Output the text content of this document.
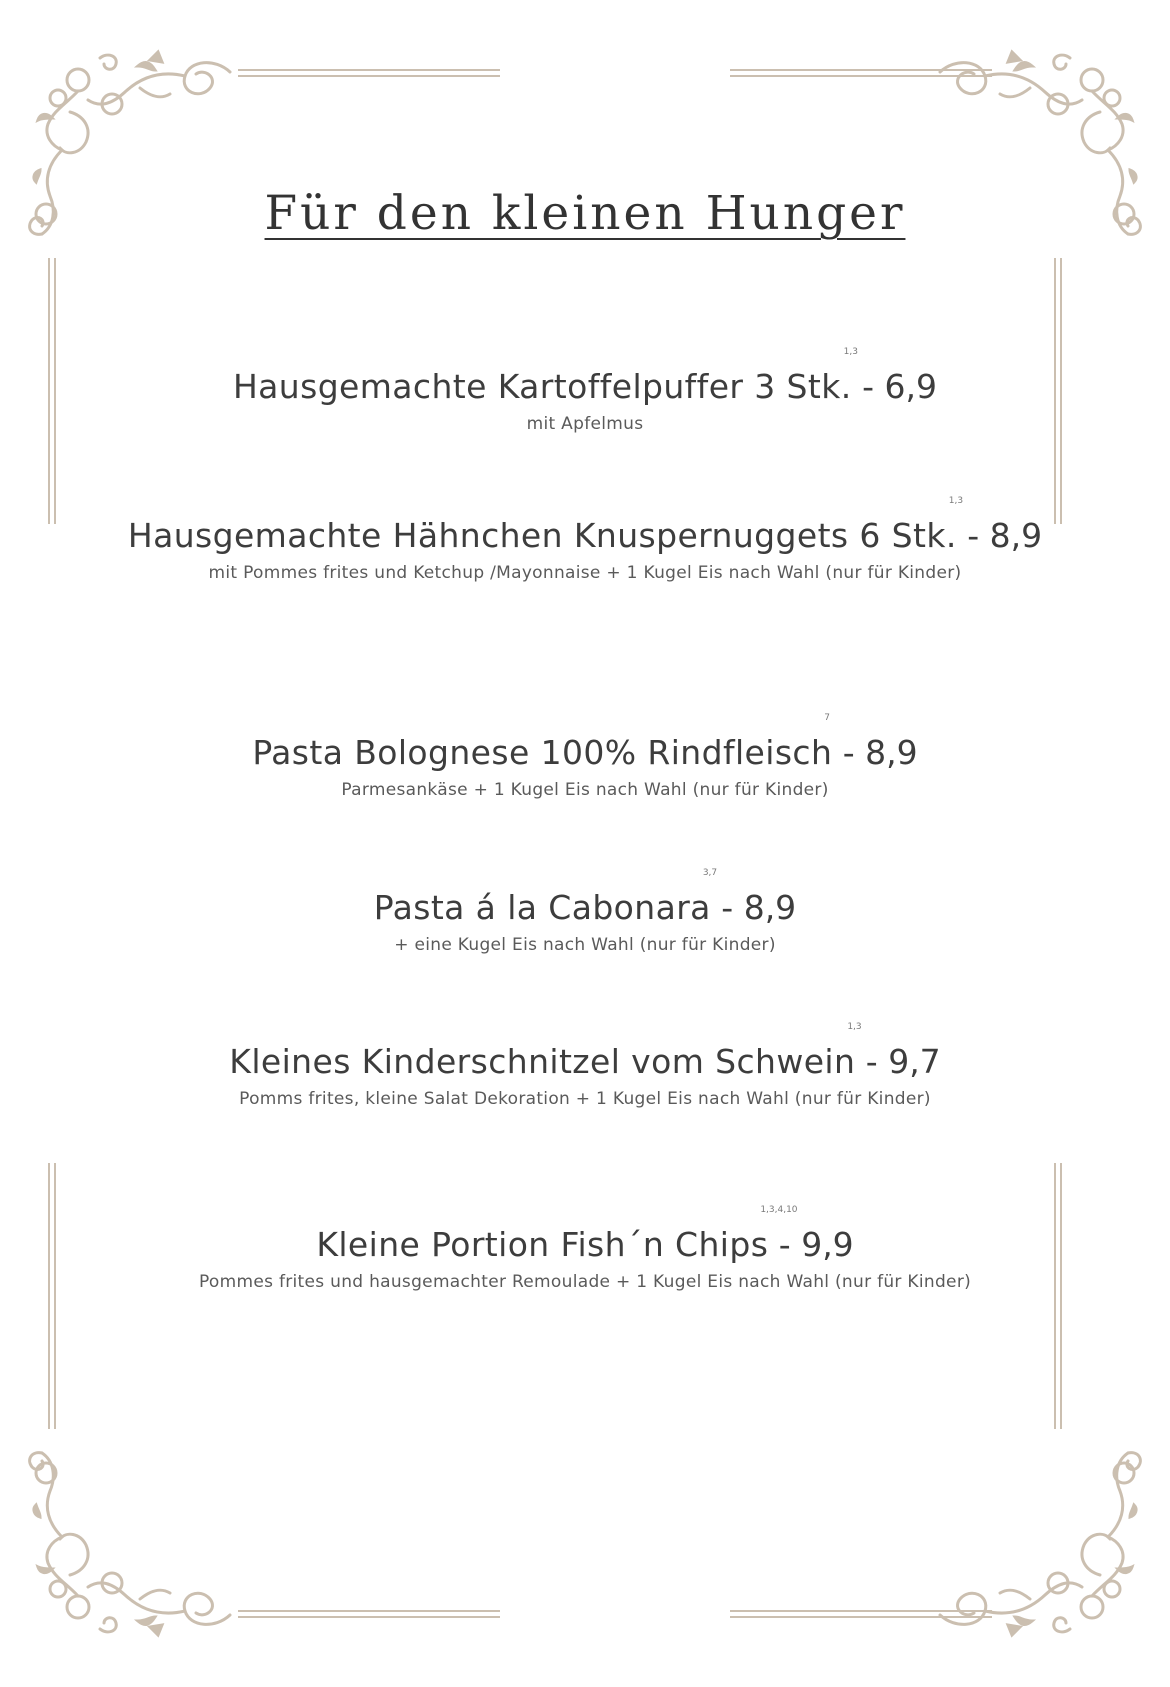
Für den kleinen Hunger
Hausgemachte Kartoffelpuffer 3 Stk.
1,3
- 6,9
mit Apfelmus
Hausgemachte Hähnchen Knuspernuggets 6 Stk.
1,3
- 8,9
mit Pommes frites und Ketchup /Mayonnaise + 1 Kugel Eis nach Wahl (nur für Kinder)
Pasta Bolognese 100% Rindfleisch
7
- 8,9
Parmesankäse + 1 Kugel Eis nach Wahl (nur für Kinder)
Pasta á la Cabonara
3,7
- 8,9
+ eine Kugel Eis nach Wahl (nur für Kinder)
Kleines Kinderschnitzel vom Schwein
1,3
- 9,7
Pomms frites, kleine Salat Dekoration + 1 Kugel Eis nach Wahl (nur für Kinder)
Kleine Portion Fish´n Chips
1,3,4,10
- 9,9
Pommes frites und hausgemachter Remoulade + 1 Kugel Eis nach Wahl (nur für Kinder)
